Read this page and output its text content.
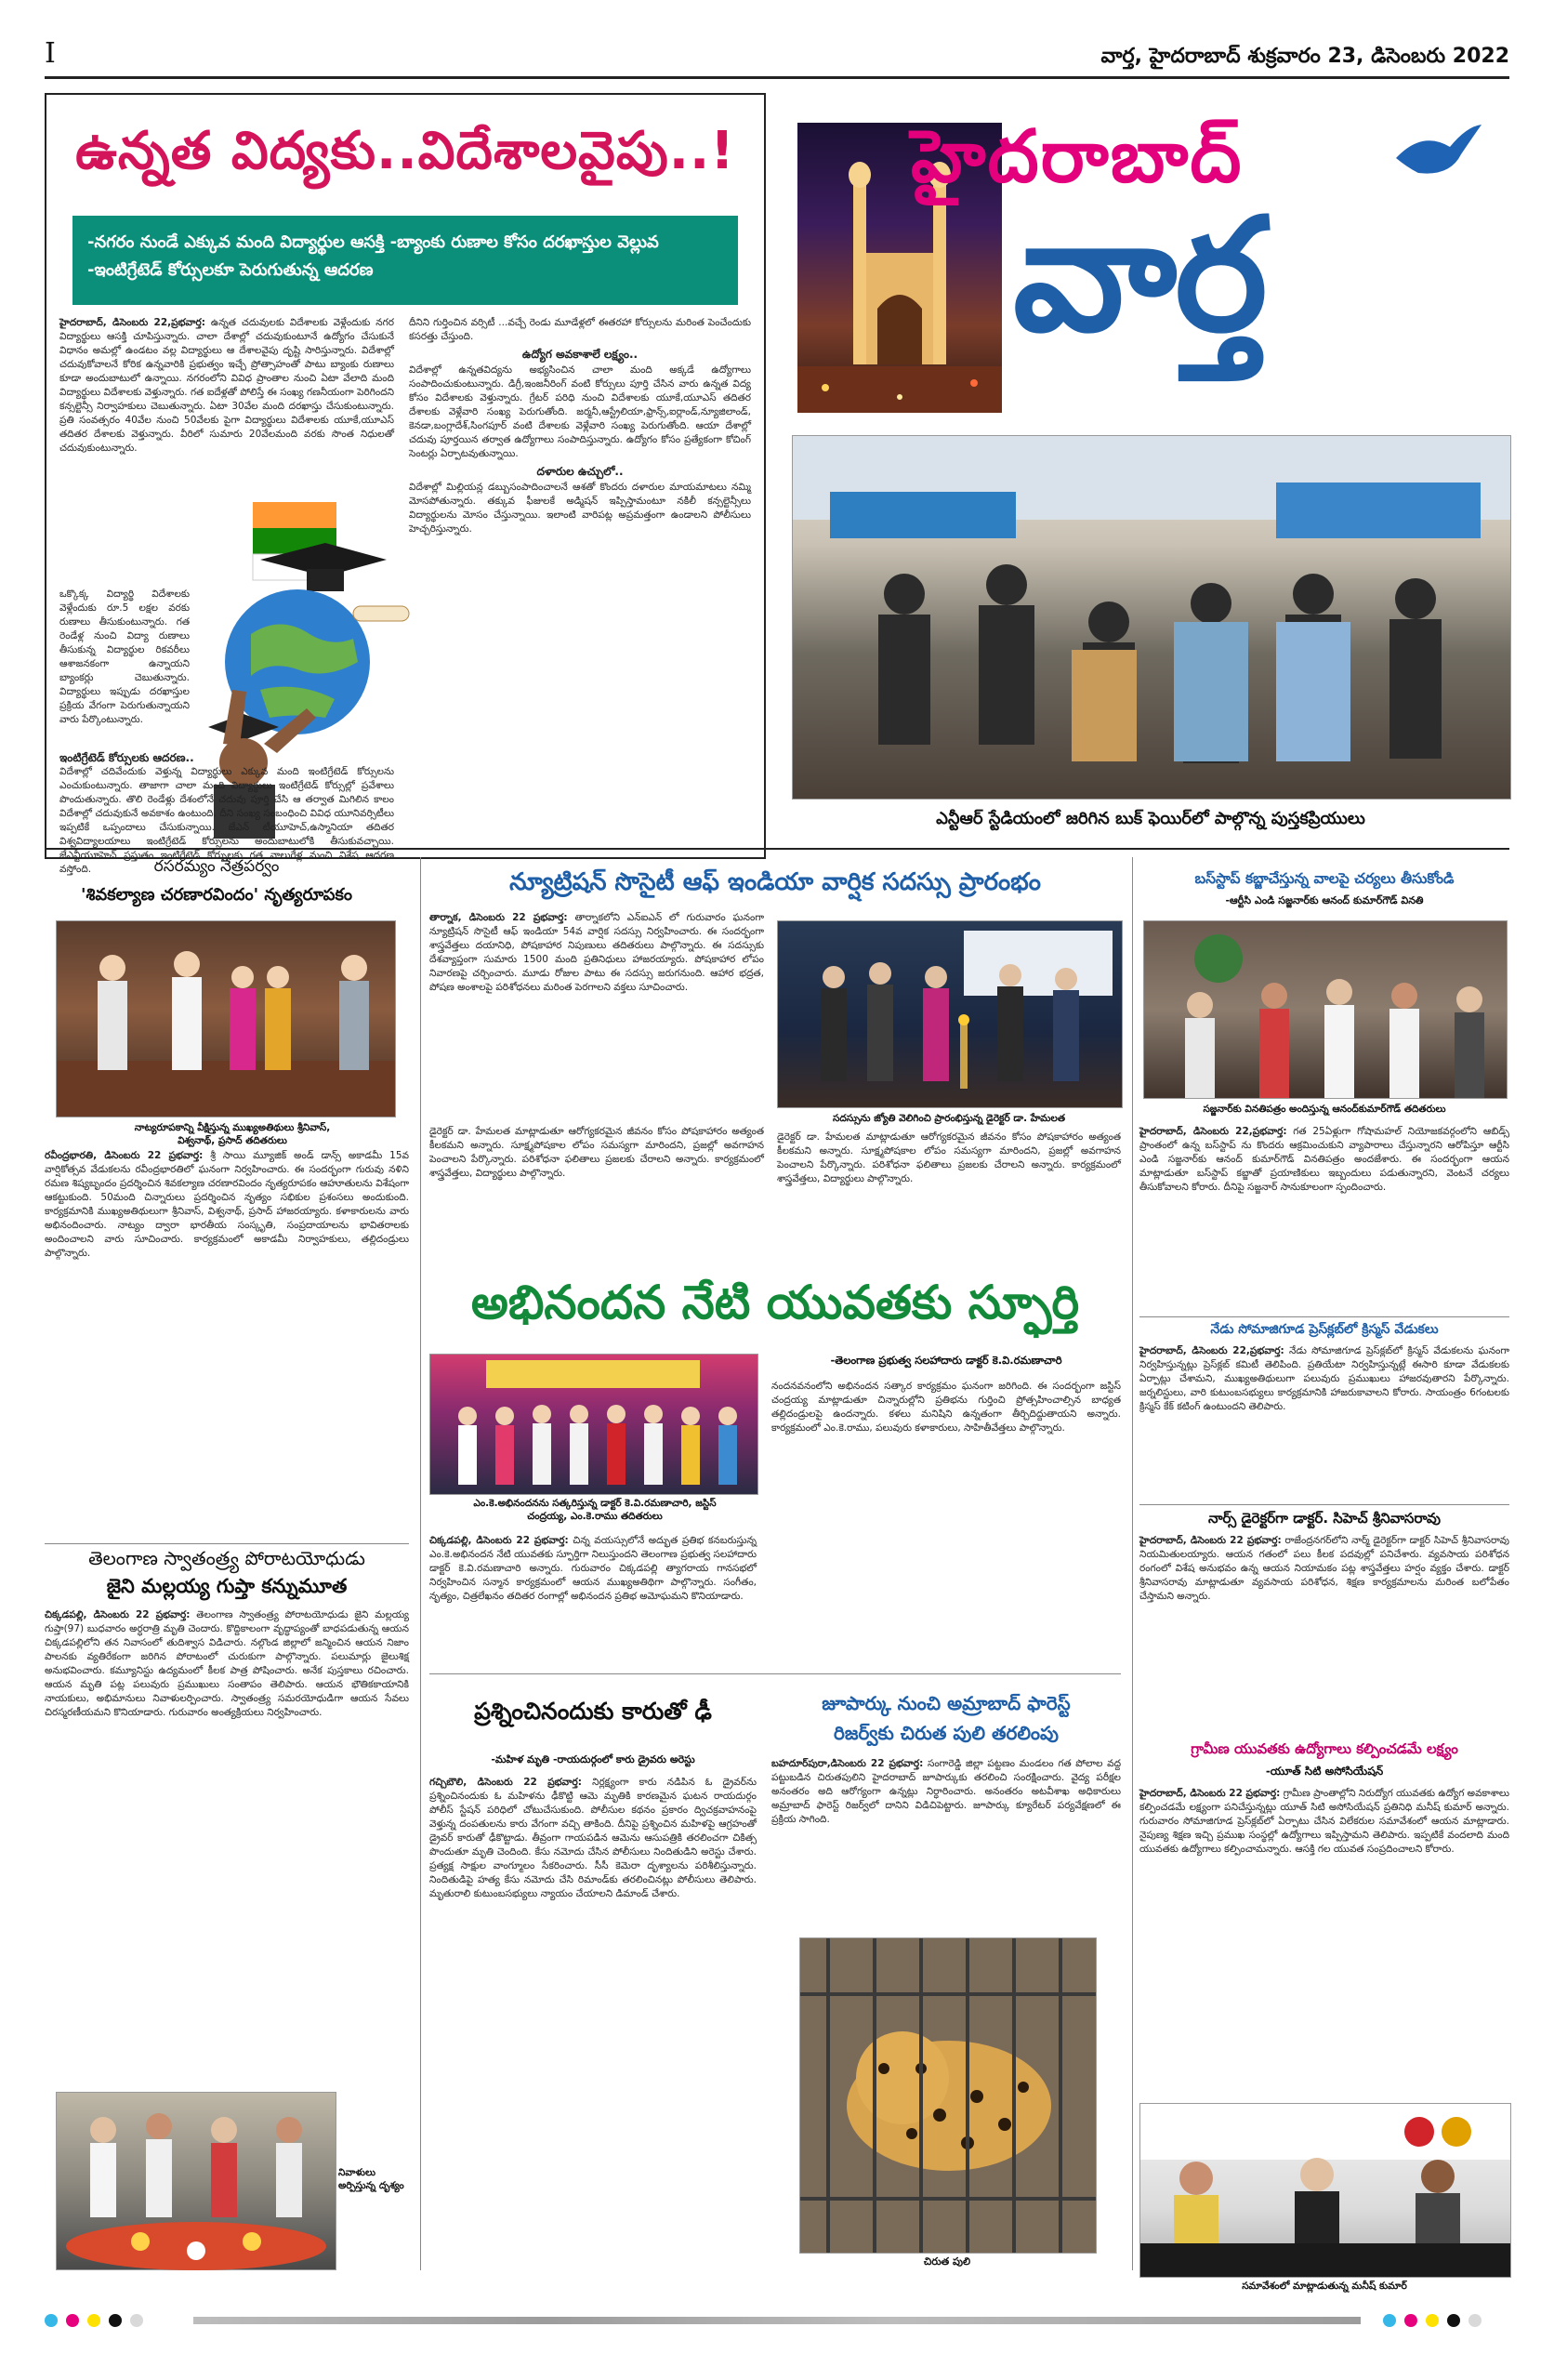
I	వార్త, హైదరాబాద్ శుక్రవారం 23, డిసెంబరు 2022
ఉన్నత విద్యకు..విదేశాలవైపు..!
-నగరం నుండే ఎక్కువ మంది విద్యార్థుల ఆసక్తి -బ్యాంకు రుణాల కోసం దరఖాస్తుల వెల్లువ
-ఇంటిగ్రేటెడ్ కోర్సులకూ పెరుగుతున్న ఆదరణ
హైదరాబాద్, డిసెంబరు 22,ప్రభవార్త: ఉన్నత చదువులకు విదేశాలకు వెళ్లేందుకు నగర విద్యార్థులు ఆసక్తి చూపిస్తున్నారు. చాలా దేశాల్లో చదువుకుంటూనే ఉద్యోగం చేసుకునే విధానం అమల్లో ఉండటం వల్ల విద్యార్థులు ఆ దేశాలవైపు దృష్టి సారిస్తున్నారు. విదేశాల్లో చదువుకోవాలనే కోరిక ఉన్నవారికి ప్రభుత్వం ఇచ్చే ప్రోత్సాహంతో పాటు బ్యాంకు రుణాలు కూడా అందుబాటులో ఉన్నాయి. నగరంలోని వివిధ ప్రాంతాల నుంచి ఏటా వేలాది మంది విద్యార్థులు విదేశాలకు వెళ్తున్నారు. గత ఐదేళ్లతో పోలిస్తే ఈ సంఖ్య గణనీయంగా పెరిగిందని కన్సల్టెన్సీ నిర్వాహకులు చెబుతున్నారు. ఏటా 30వేల మంది దరఖాస్తు చేసుకుంటున్నారు. ప్రతి సంవత్సరం 40వేల నుంచి 50వేలకు పైగా విద్యార్థులు విదేశాలకు యూకే,యూఎస్ తదితర దేశాలకు వెళ్తున్నారు. వీరిలో సుమారు 20వేలమంది వరకు సొంత నిధులతో చదువుకుంటున్నారు.
ఒక్కొక్క విద్యార్థి విదేశాలకు వెళ్లేందుకు రూ.5 లక్షల వరకు రుణాలు తీసుకుంటున్నారు. గత రెండేళ్ల నుంచి విద్యా రుణాలు తీసుకున్న విద్యార్థుల రికవరీలు ఆశాజనకంగా ఉన్నాయని బ్యాంకర్లు చెబుతున్నారు. విద్యార్థులు ఇప్పుడు దరఖాస్తుల ప్రక్రియ వేగంగా పెరుగుతున్నాయని వారు పేర్కొంటున్నారు.
ఇంటిగ్రేటెడ్ కోర్సులకు ఆదరణ..
విదేశాల్లో చదివేందుకు వెళ్తున్న విద్యార్థులు ఎక్కువ మంది ఇంటిగ్రేటెడ్ కోర్సులను ఎంచుకుంటున్నారు. తాజాగా చాలా మంది విద్యార్థులు ఇంటిగ్రేటెడ్ కోర్సుల్లో ప్రవేశాలు పొందుతున్నారు. తొలి రెండేళ్లు దేశంలోనే చదువు పూర్తి చేసి ఆ తర్వాత మిగిలిన కాలం విదేశాల్లో చదువుకునే అవకాశం ఉంటుంది. దీని సంఖ్య సంబంధించి వివిధ యూనివర్సిటీలు ఇప్పటికే ఒప్పందాలు చేసుకున్నాయి. జేఎన్ టీయూహెచ్,ఉస్మానియా తదితర విశ్వవిద్యాలయాలు ఇంటిగ్రేటెడ్ కోర్సులను అందుబాటులోకి తీసుకువచ్చాయి. జేఎన్టీయూహెచ్ ప్రస్తుతం ఇంటిగ్రేటెడ్ కోర్సులకు గత నాలుగేళ్ల నుంచి విశేష ఆదరణ వస్తోంది.
దీనిని గుర్తించిన వర్సిటీ ...వచ్చే రెండు మూడేళ్లలో ఈతరహా కోర్సులను మరింత పెంచేందుకు కసరత్తు చేస్తుంది.
ఉద్యోగ అవకాశాలే లక్ష్యం..
విదేశాల్లో ఉన్నతవిద్యను అభ్యసించిన చాలా మంది అక్కడే ఉద్యోగాలు సంపాదించుకుంటున్నారు. డిగ్రీ,ఇంజనీరింగ్ వంటి కోర్సులు పూర్తి చేసిన వారు ఉన్నత విద్య కోసం విదేశాలకు వెళ్తున్నారు. గ్రేటర్ పరిధి నుంచి విదేశాలకు యూకే,యూఎస్ తదితర దేశాలకు వెళ్లేవారి సంఖ్య పెరుగుతోంది. జర్మనీ,ఆస్ట్రేలియా,ఫ్రాన్స్,ఐర్లాండ్,న్యూజిలాండ్, కెనడా,బంగ్లాదేశ్,సింగపూర్ వంటి దేశాలకు వెళ్లేవారి సంఖ్య పెరుగుతోంది. ఆయా దేశాల్లో చదువు పూర్తయిన తర్వాత ఉద్యోగాలు సంపాదిస్తున్నారు. ఉద్యోగం కోసం ప్రత్యేకంగా కోచింగ్ సెంటర్లు ఏర్పాటవుతున్నాయి.
దళారుల ఉచ్చులో..
విదేశాల్లో మిల్లియన్ల డబ్బుసంపాదించాలనే ఆశతో కొందరు దళారుల మాయమాటలు నమ్మి మోసపోతున్నారు. తక్కువ ఫీజులకే అడ్మిషన్ ఇప్పిస్తామంటూ నకిలీ కన్సల్టెన్సీలు విద్యార్థులను మోసం చేస్తున్నాయి. ఇలాంటి వారిపట్ల అప్రమత్తంగా ఉండాలని పోలీసులు హెచ్చరిస్తున్నారు.
హైదరాబాద్
వార్త
ఎన్టీఆర్ స్టేడియంలో జరిగిన బుక్ ఫెయిర్‌లో పాల్గొన్న పుస్తకప్రియులు
రసరమ్యం నేత్రపర్వం
'శివకల్యాణ చరణారవిందం' నృత్యరూపకం
నాట్యరూపకాన్ని వీక్షిస్తున్న ముఖ్యఅతిథులు శ్రీనివాస్, విశ్వనాథ్, ప్రసాద్ తదితరులు
రవీంద్రభారతి, డిసెంబరు 22 ప్రభవార్త: శ్రీ సాయి మ్యూజిక్ అండ్ డాన్స్ అకాడమీ 15వ వార్షికోత్సవ వేడుకలను రవీంద్రభారతిలో ఘనంగా నిర్వహించారు. ఈ సందర్భంగా గురువు నళిని రమణ శిష్యబృందం ప్రదర్శించిన శివకల్యాణ చరణారవిందం నృత్యరూపకం ఆహూతులను విశేషంగా ఆకట్టుకుంది. 50మంది చిన్నారులు ప్రదర్శించిన నృత్యం సభికుల ప్రశంసలు అందుకుంది. కార్యక్రమానికి ముఖ్యఅతిథులుగా శ్రీనివాస్, విశ్వనాథ్, ప్రసాద్ హాజరయ్యారు. కళాకారులను వారు అభినందించారు. నాట్యం ద్వారా భారతీయ సంస్కృతి, సంప్రదాయాలను భావితరాలకు అందించాలని వారు సూచించారు. కార్యక్రమంలో అకాడమీ నిర్వాహకులు, తల్లిదండ్రులు పాల్గొన్నారు.
న్యూట్రిషన్ సొసైటీ ఆఫ్ ఇండియా వార్షిక సదస్సు ప్రారంభం
తార్నాక, డిసెంబరు 22 ప్రభవార్త: తార్నాకలోని ఎన్ఐఎన్ లో గురువారం ఘనంగా న్యూట్రిషన్ సొసైటీ ఆఫ్ ఇండియా 54వ వార్షిక సదస్సు నిర్వహించారు. ఈ సందర్భంగా శాస్త్రవేత్తలు దయానిధి, పోషకాహార నిపుణులు తదితరులు పాల్గొన్నారు. ఈ సదస్సుకు దేశవ్యాప్తంగా సుమారు 1500 మంది ప్రతినిధులు హాజరయ్యారు. పోషకాహార లోపం నివారణపై చర్చించారు. మూడు రోజుల పాటు ఈ సదస్సు జరుగనుంది. ఆహార భద్రత, పోషణ అంశాలపై పరిశోధనలు మరింత పెరగాలని వక్తలు సూచించారు.
సదస్సును జ్యోతి వెలిగించి ప్రారంభిస్తున్న డైరెక్టర్ డా. హేమలత
డైరెక్టర్ డా. హేమలత మాట్లాడుతూ ఆరోగ్యకరమైన జీవనం కోసం పోషకాహారం అత్యంత కీలకమని అన్నారు. సూక్ష్మపోషకాల లోపం సమస్యగా మారిందని, ప్రజల్లో అవగాహన పెంచాలని పేర్కొన్నారు. పరిశోధనా ఫలితాలు ప్రజలకు చేరాలని అన్నారు. కార్యక్రమంలో శాస్త్రవేత్తలు, విద్యార్థులు పాల్గొన్నారు.
డైరెక్టర్ డా. హేమలత మాట్లాడుతూ ఆరోగ్యకరమైన జీవనం కోసం పోషకాహారం అత్యంత కీలకమని అన్నారు. సూక్ష్మపోషకాల లోపం సమస్యగా మారిందని, ప్రజల్లో అవగాహన పెంచాలని పేర్కొన్నారు. పరిశోధనా ఫలితాలు ప్రజలకు చేరాలని అన్నారు. కార్యక్రమంలో శాస్త్రవేత్తలు, విద్యార్థులు పాల్గొన్నారు.
అభినందన నేటి యువతకు స్ఫూర్తి
ఎం.కె.అభినందనను సత్కరిస్తున్న డాక్టర్ కె.వి.రమణాచారి, జస్టిస్ చంద్రయ్య, ఎం.కె.రాము తదితరులు
చిక్కడపల్లి, డిసెంబరు 22 ప్రభవార్త: చిన్న వయస్సులోనే అద్భుత ప్రతిభ కనబరుస్తున్న ఎం.కె.అభినందన నేటి యువతకు స్ఫూర్తిగా నిలుస్తుందని తెలంగాణ ప్రభుత్వ సలహాదారు డాక్టర్ కె.వి.రమణాచారి అన్నారు. గురువారం చిక్కడపల్లి త్యాగరాయ గానసభలో నిర్వహించిన సన్మాన కార్యక్రమంలో ఆయన ముఖ్యఅతిథిగా పాల్గొన్నారు. సంగీతం, నృత్యం, చిత్రలేఖనం తదితర రంగాల్లో అభినందన ప్రతిభ అమోఘమని కొనియాడారు.
-తెలంగాణ ప్రభుత్వ సలహాదారు డాక్టర్ కె.వి.రమణాచారి
నందనవనంలోని అభినందన సత్కార కార్యక్రమం ఘనంగా జరిగింది. ఈ సందర్భంగా జస్టిస్ చంద్రయ్య మాట్లాడుతూ చిన్నారుల్లోని ప్రతిభను గుర్తించి ప్రోత్సహించాల్సిన బాధ్యత తల్లిదండ్రులపై ఉందన్నారు. కళలు మనిషిని ఉన్నతంగా తీర్చిదిద్దుతాయని అన్నారు. కార్యక్రమంలో ఎం.కె.రాము, పలువురు కళాకారులు, సాహితీవేత్తలు పాల్గొన్నారు.
బస్‌స్టాప్ కబ్జాచేస్తున్న వాలపై చర్యలు తీసుకోండి
-ఆర్టీసి ఎండి సజ్జనార్‌కు ఆనంద్ కుమార్‌గౌడ్ వినతి
సజ్జనార్‌కు వినతిపత్రం అందిస్తున్న ఆనంద్‌కుమార్‌గౌడ్ తదితరులు
హైదరాబాద్, డిసెంబరు 22,ప్రభవార్త: గత 25ఏళ్లుగా గోషామహల్ నియోజకవర్గంలోని ఆబిడ్స్ ప్రాంతంలో ఉన్న బస్‌స్టాప్ ను కొందరు ఆక్రమించుకుని వ్యాపారాలు చేస్తున్నారని ఆరోపిస్తూ ఆర్టీసి ఎండి సజ్జనార్‌కు ఆనంద్ కుమార్‌గౌడ్ వినతిపత్రం అందజేశారు. ఈ సందర్భంగా ఆయన మాట్లాడుతూ బస్‌స్టాప్ కబ్జాతో ప్రయాణికులు ఇబ్బందులు పడుతున్నారని, వెంటనే చర్యలు తీసుకోవాలని కోరారు. దీనిపై సజ్జనార్ సానుకూలంగా స్పందించారు.
నేడు సోమాజిగూడ ప్రెస్‌క్లబ్‌లో క్రిస్మస్ వేడుకలు
హైదరాబాద్, డిసెంబరు 22,ప్రభవార్త: నేడు సోమాజిగూడ ప్రెస్‌క్లబ్‌లో క్రిస్మస్ వేడుకలను ఘనంగా నిర్వహిస్తున్నట్లు ప్రెస్‌క్లబ్ కమిటీ తెలిపింది. ప్రతియేటా నిర్వహిస్తున్నట్లే ఈసారి కూడా వేడుకలకు ఏర్పాట్లు చేశామని, ముఖ్యఅతిథులుగా పలువురు ప్రముఖులు హాజరవుతారని పేర్కొన్నారు. జర్నలిస్టులు, వారి కుటుంబసభ్యులు కార్యక్రమానికి హాజరుకావాలని కోరారు. సాయంత్రం 6గంటలకు క్రిస్మస్ కేక్ కటింగ్ ఉంటుందని తెలిపారు.
నార్స్ డైరెక్టర్‌గా డాక్టర్. సిహెచ్ శ్రీనివాసరావు
హైదరాబాద్, డిసెంబరు 22 ప్రభవార్త: రాజేంద్రనగర్‌లోని నార్మ్ డైరెక్టర్‌గా డాక్టర్ సిహెచ్ శ్రీనివాసరావు నియమితులయ్యారు. ఆయన గతంలో పలు కీలక పదవుల్లో పనిచేశారు. వ్యవసాయ పరిశోధన రంగంలో విశేష అనుభవం ఉన్న ఆయన నియామకం పట్ల శాస్త్రవేత్తలు హర్షం వ్యక్తం చేశారు. డాక్టర్ శ్రీనివాసరావు మాట్లాడుతూ వ్యవసాయ పరిశోధన, శిక్షణ కార్యక్రమాలను మరింత బలోపేతం చేస్తామని అన్నారు.
గ్రామీణ యువతకు ఉద్యోగాలు కల్పించడమే లక్ష్యం
-యూత్ సిటి అసోసియేషన్
హైదరాబాద్, డిసెంబరు 22 ప్రభవార్త: గ్రామీణ ప్రాంతాల్లోని నిరుద్యోగ యువతకు ఉద్యోగ అవకాశాలు కల్పించడమే లక్ష్యంగా పనిచేస్తున్నట్లు యూత్ సిటి అసోసియేషన్ ప్రతినిధి మనీష్ కుమార్ అన్నారు. గురువారం సోమాజిగూడ ప్రెస్‌క్లబ్‌లో ఏర్పాటు చేసిన విలేకరుల సమావేశంలో ఆయన మాట్లాడారు. నైపుణ్య శిక్షణ ఇచ్చి ప్రముఖ సంస్థల్లో ఉద్యోగాలు ఇప్పిస్తామని తెలిపారు. ఇప్పటికే వందలాది మంది యువతకు ఉద్యోగాలు కల్పించామన్నారు. ఆసక్తి గల యువత సంప్రదించాలని కోరారు.
సమావేశంలో మాట్లాడుతున్న మనీష్ కుమార్
తెలంగాణ స్వాతంత్ర్య పోరాటయోధుడు
జైని మల్లయ్య గుప్తా కన్నుమూత
చిక్కడపల్లి, డిసెంబరు 22 ప్రభవార్త: తెలంగాణ స్వాతంత్ర్య పోరాటయోధుడు జైని మల్లయ్య గుప్తా(97) బుధవారం అర్ధరాత్రి మృతి చెందారు. కొద్దికాలంగా వృద్ధాప్యంతో బాధపడుతున్న ఆయన చిక్కడపల్లిలోని తన నివాసంలో తుదిశ్వాస విడిచారు. నల్గొండ జిల్లాలో జన్మించిన ఆయన నిజాం పాలనకు వ్యతిరేకంగా జరిగిన పోరాటంలో చురుకుగా పాల్గొన్నారు. పలుమార్లు జైలుశిక్ష అనుభవించారు. కమ్యూనిస్టు ఉద్యమంలో కీలక పాత్ర పోషించారు. అనేక పుస్తకాలు రచించారు. ఆయన మృతి పట్ల పలువురు ప్రముఖులు సంతాపం తెలిపారు. ఆయన భౌతికకాయానికి నాయకులు, అభిమానులు నివాళులర్పించారు. స్వాతంత్ర్య సమరయోధుడిగా ఆయన సేవలు చిరస్మరణీయమని కొనియాడారు. గురువారం అంత్యక్రియలు నిర్వహించారు.
నివాళులు అర్పిస్తున్న దృశ్యం
ప్రశ్నించినందుకు కారుతో ఢీ
-మహిళ మృతి -రాయదుర్గంలో కారు డ్రైవరు అరెస్టు
గచ్చిబౌలి, డిసెంబరు 22 ప్రభవార్త: నిర్లక్ష్యంగా కారు నడిపిన ఓ డ్రైవర్‌ను ప్రశ్నించినందుకు ఓ మహిళను ఢీకొట్టి ఆమె మృతికి కారణమైన ఘటన రాయదుర్గం పోలీస్ స్టేషన్ పరిధిలో చోటుచేసుకుంది. పోలీసుల కథనం ప్రకారం ద్విచక్రవాహనంపై వెళ్తున్న దంపతులను కారు వేగంగా వచ్చి తాకింది. దీనిపై ప్రశ్నించిన మహిళపై ఆగ్రహంతో డ్రైవర్ కారుతో ఢీకొట్టాడు. తీవ్రంగా గాయపడిన ఆమెను ఆసుపత్రికి తరలించగా చికిత్స పొందుతూ మృతి చెందింది. కేసు నమోదు చేసిన పోలీసులు నిందితుడిని అరెస్టు చేశారు. ప్రత్యక్ష సాక్షుల వాంగ్మూలం సేకరించారు. సీసీ కెమెరా దృశ్యాలను పరిశీలిస్తున్నారు. నిందితుడిపై హత్య కేసు నమోదు చేసి రిమాండ్‌కు తరలించినట్లు పోలీసులు తెలిపారు. మృతురాలి కుటుంబసభ్యులు న్యాయం చేయాలని డిమాండ్ చేశారు.
జూపార్కు నుంచి అమ్రాబాద్ ఫారెస్ట్
రిజర్వ్‌కు చిరుత పులి తరలింపు
బహదూర్‌పురా,డిసెంబరు 22 ప్రభవార్త: సంగారెడ్డి జిల్లా పట్టణం మండలం గత పోలాల వద్ద పట్టుబడిన చిరుతపులిని హైదరాబాద్ జూపార్కుకు తరలించి సంరక్షించారు. వైద్య పరీక్షల అనంతరం అది ఆరోగ్యంగా ఉన్నట్లు నిర్ధారించారు. అనంతరం అటవీశాఖ అధికారులు అమ్రాబాద్ ఫారెస్ట్ రిజర్వ్‌లో దానిని విడిచిపెట్టారు. జూపార్కు క్యూరేటర్ పర్యవేక్షణలో ఈ ప్రక్రియ సాగింది.
చిరుత పులి
